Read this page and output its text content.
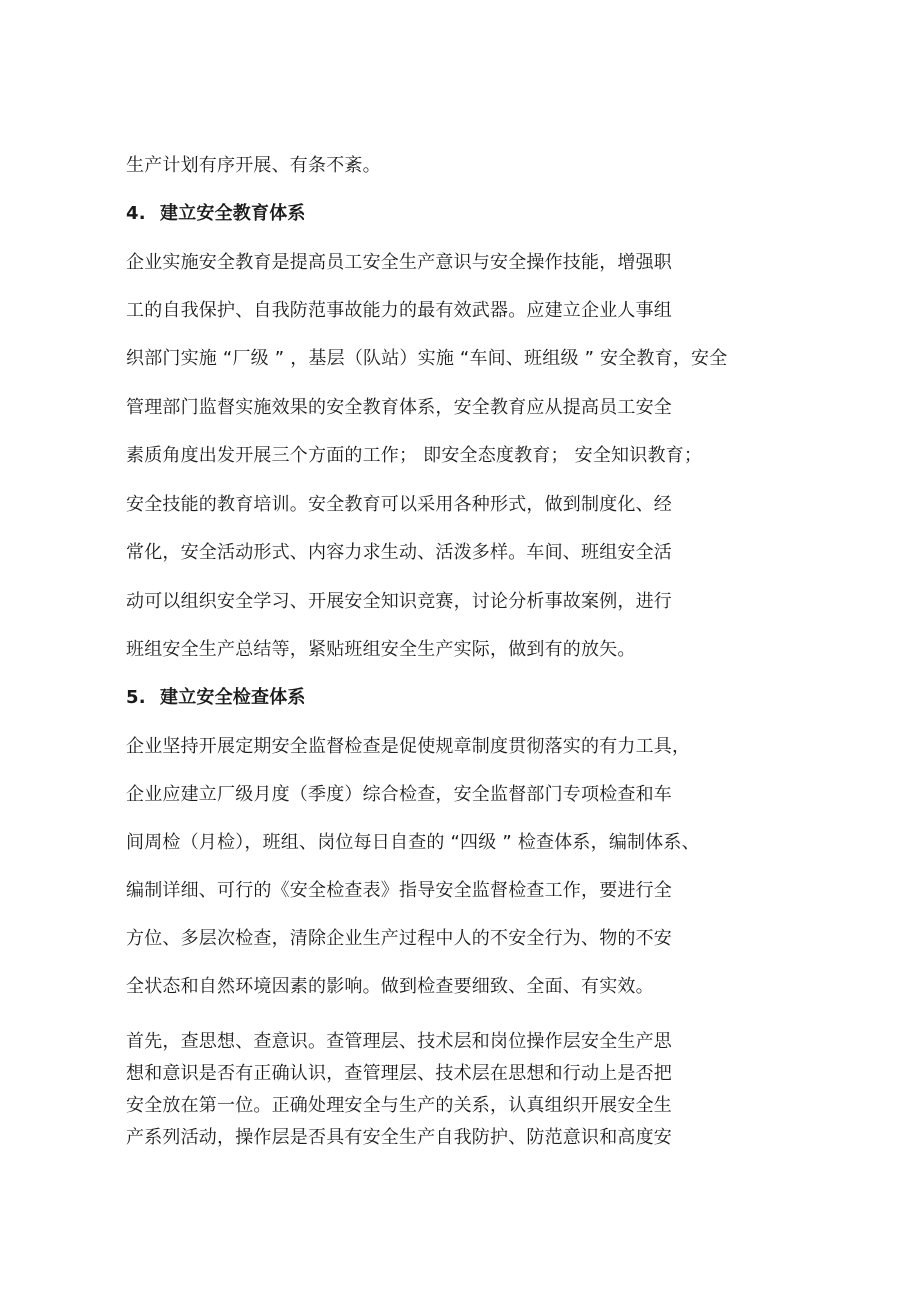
生产计划有序开展、有条不紊。
4. 建立安全教育体系
企业实施安全教育是提高员工安全生产意识与安全操作技能，增强职
工的自我保护、自我防范事故能力的最有效武器。应建立企业人事组
织部门实施 “厂级 ” ，基层（队站）实施 “车间、班组级 ” 安全教育，安全
管理部门监督实施效果的安全教育体系，安全教育应从提高员工安全
素质角度出发开展三个方面的工作； 即安全态度教育； 安全知识教育；
安全技能的教育培训。安全教育可以采用各种形式，做到制度化、经
常化，安全活动形式、内容力求生动、活泼多样。车间、班组安全活
动可以组织安全学习、开展安全知识竞赛，讨论分析事故案例，进行
班组安全生产总结等，紧贴班组安全生产实际，做到有的放矢。
5. 建立安全检查体系
企业坚持开展定期安全监督检查是促使规章制度贯彻落实的有力工具，
企业应建立厂级月度（季度）综合检查，安全监督部门专项检查和车
间周检（月检），班组、岗位每日自查的 “四级 ” 检查体系，编制体系、
编制详细、可行的《安全检查表》指导安全监督检查工作，要进行全
方位、多层次检查，清除企业生产过程中人的不安全行为、物的不安
全状态和自然环境因素的影响。做到检查要细致、全面、有实效。
首先，查思想、查意识。查管理层、技术层和岗位操作层安全生产思
想和意识是否有正确认识，查管理层、技术层在思想和行动上是否把
安全放在第一位。正确处理安全与生产的关系，认真组织开展安全生
产系列活动，操作层是否具有安全生产自我防护、防范意识和高度安
